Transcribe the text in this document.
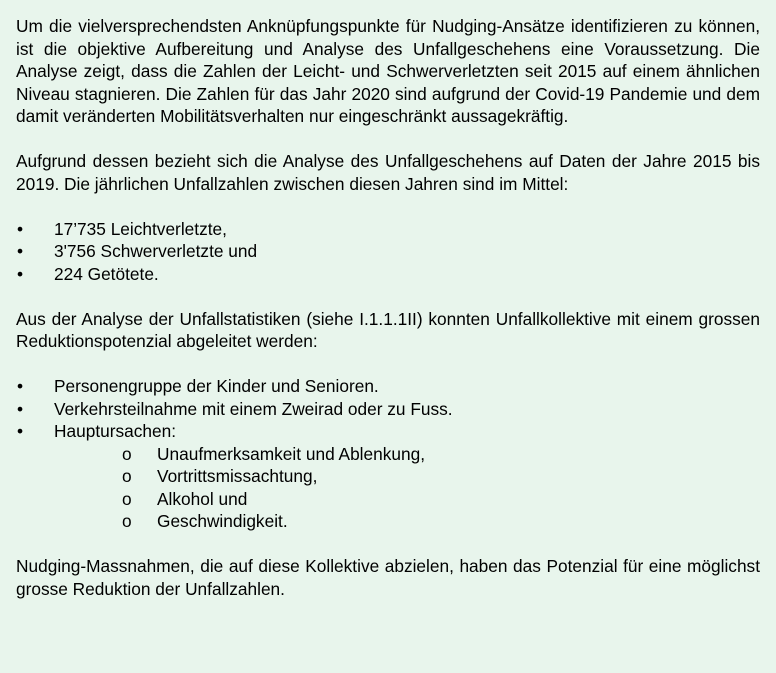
Um die vielversprechendsten Anknüpfungspunkte für Nudging-Ansätze identifizieren zu können, ist die objektive Aufbereitung und Analyse des Unfallgeschehens eine Voraussetzung. Die Analyse zeigt, dass die Zahlen der Leicht- und Schwerverletzten seit 2015 auf einem ähnlichen Niveau stagnieren. Die Zahlen für das Jahr 2020 sind aufgrund der Covid-19 Pandemie und dem damit veränderten Mobilitätsverhalten nur eingeschränkt aussagekräftig.

Aufgrund dessen bezieht sich die Analyse des Unfallgeschehens auf Daten der Jahre 2015 bis 2019. Die jährlichen Unfallzahlen zwischen diesen Jahren sind im Mittel:

• 17’735 Leichtverletzte,
• 3'756 Schwerverletzte und
• 224 Getötete.

Aus der Analyse der Unfallstatistiken (siehe I.1.1.1II) konnten Unfallkollektive mit einem grossen Reduktionspotenzial abgeleitet werden:

• Personengruppe der Kinder und Senioren.
• Verkehrsteilnahme mit einem Zweirad oder zu Fuss.
• Hauptursachen:
o Unaufmerksamkeit und Ablenkung,
o Vortrittsmissachtung,
o Alkohol und
o Geschwindigkeit.

Nudging-Massnahmen, die auf diese Kollektive abzielen, haben das Potenzial für eine möglichst grosse Reduktion der Unfallzahlen.
